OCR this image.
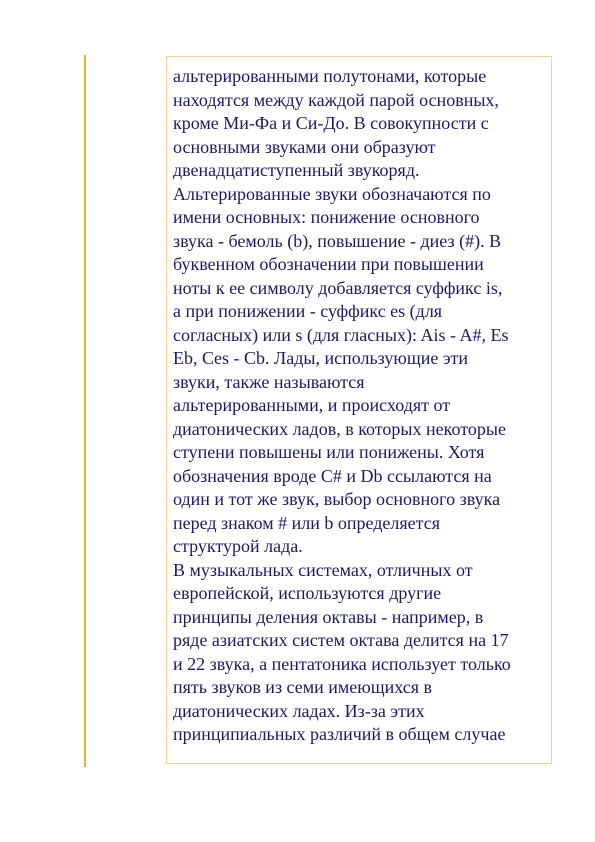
альтерированными полутонами, которые
находятся между каждой парой основных,
кроме Ми-Фа и Си-До. В совокупности с
основными звуками они образуют
двенадцатиступенный звукоряд.
Альтерированные звуки обозначаются по
имени основных: понижение основного
звука - бемоль (b), повышение - диез (#). В
буквенном обозначении при повышении
ноты к ее символу добавляется суффикс is,
а при понижении - суффикс es (для
согласных) или s (для гласных): Ais - A#, Es
Eb, Ces - Cb. Лады, использующие эти
звуки, также называются
альтерированными, и происходят от
диатонических ладов, в которых некоторые
ступени повышены или понижены. Хотя
обозначения вроде C# и Db ссылаются на
один и тот же звук, выбор основного звука
перед знаком # или b определяется
структурой лада.
В музыкальных системах, отличных от
европейской, используются другие
принципы деления октавы - например, в
ряде азиатских систем октава делится на 17
и 22 звука, а пентатоника использует только
пять звуков из семи имеющихся в
диатонических ладах. Из-за этих
принципиальных различий в общем случае
